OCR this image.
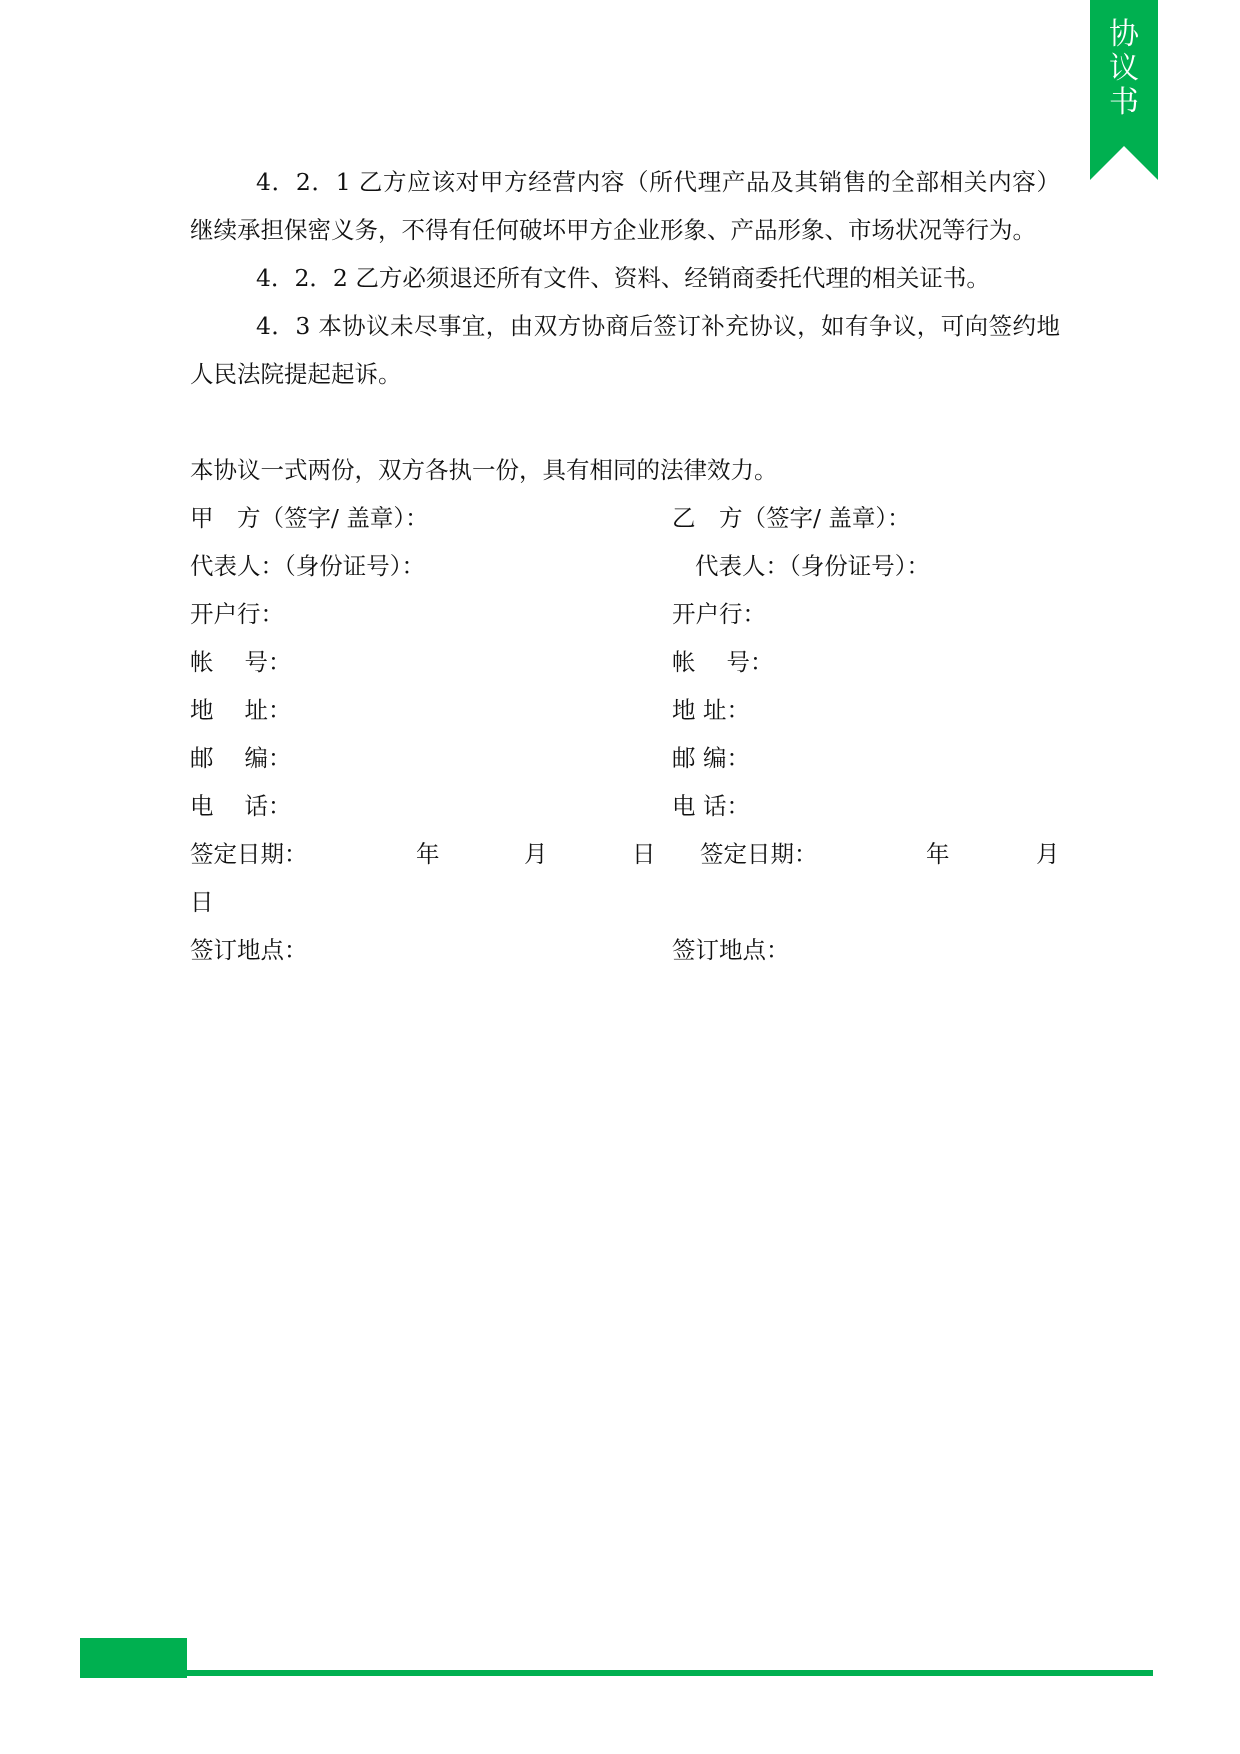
协
议
书

4．2．1 乙方应该对甲方经营内容（所代理产品及其销售的全部相关内容）继续承担保密义务，不得有任何破坏甲方企业形象、产品形象、市场状况等行为。

4．2．2 乙方必须退还所有文件、资料、经销商委托代理的相关证书。

4．3 本协议未尽事宜，由双方协商后签订补充协议，如有争议，可向签约地人民法院提起起诉。

本协议一式两份，双方各执一份，具有相同的法律效力。

甲　方（签字/ 盖章）：	乙　方（签字/ 盖章）：
代表人：（身份证号）：	代表人：（身份证号）：
开户行：	开户行：
帐　 号：	帐　 号：
地　 址：	地 址：
邮　 编：	邮 编：
电　 话：	电 话：
签定日期：	年	月	日 签定日期：	年	月
日
签订地点：	签订地点：
